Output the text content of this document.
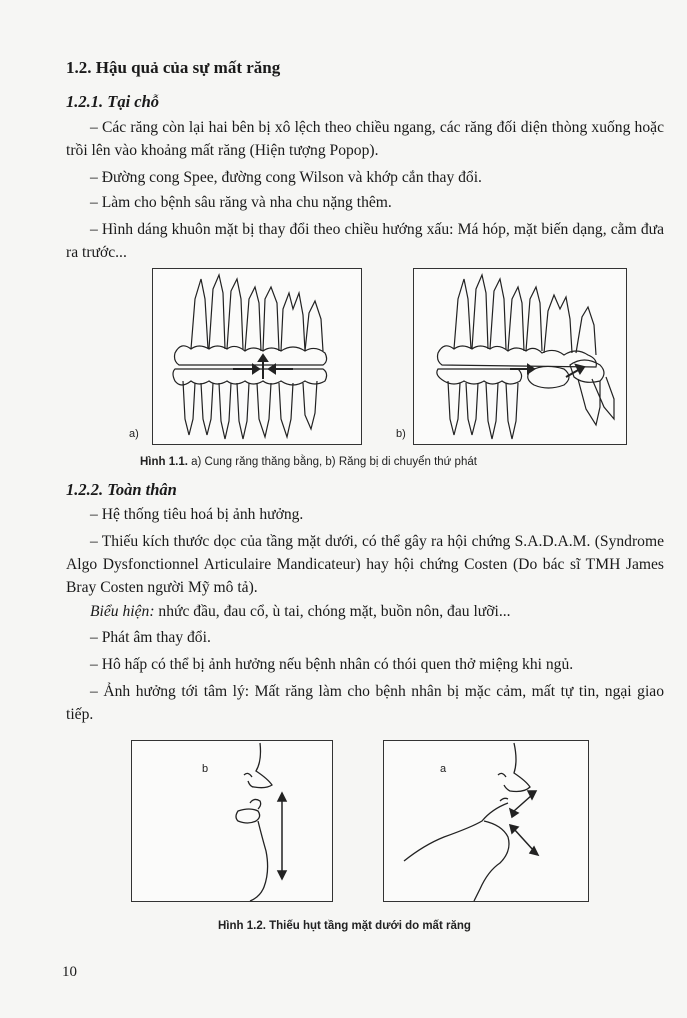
1.2. Hậu quả của sự mất răng
1.2.1. Tại chỗ

– Các răng còn lại hai bên bị xô lệch theo chiều ngang, các răng đối diện thòng xuống hoặc trồi lên vào khoảng mất răng (Hiện tượng Popop).

– Đường cong Spee, đường cong Wilson và khớp cắn thay đổi.

– Làm cho bệnh sâu răng và nha chu nặng thêm.

– Hình dáng khuôn mặt bị thay đổi theo chiều hướng xấu: Má hóp, mặt biến dạng, cằm đưa ra trước...

a)	b)
Hình 1.1. a) Cung răng thăng bằng, b) Răng bị di chuyển thứ phát
1.2.2. Toàn thân

– Hệ thống tiêu hoá bị ảnh hưởng.

– Thiếu kích thước dọc của tầng mặt dưới, có thể gây ra hội chứng S.A.D.A.M. (Syndrome Algo Dysfonctionnel Articulaire Mandicateur) hay hội chứng Costen (Do bác sĩ TMH James Bray Costen người Mỹ mô tả).

Biểu hiện: nhức đầu, đau cổ, ù tai, chóng mặt, buồn nôn, đau lưỡi...

– Phát âm thay đổi.

– Hô hấp có thể bị ảnh hưởng nếu bệnh nhân có thói quen thở miệng khi ngủ.

– Ảnh hưởng tới tâm lý: Mất răng làm cho bệnh nhân bị mặc cảm, mất tự tin, ngại giao tiếp.

b	a
Hình 1.2. Thiếu hụt tầng mặt dưới do mất răng
10
